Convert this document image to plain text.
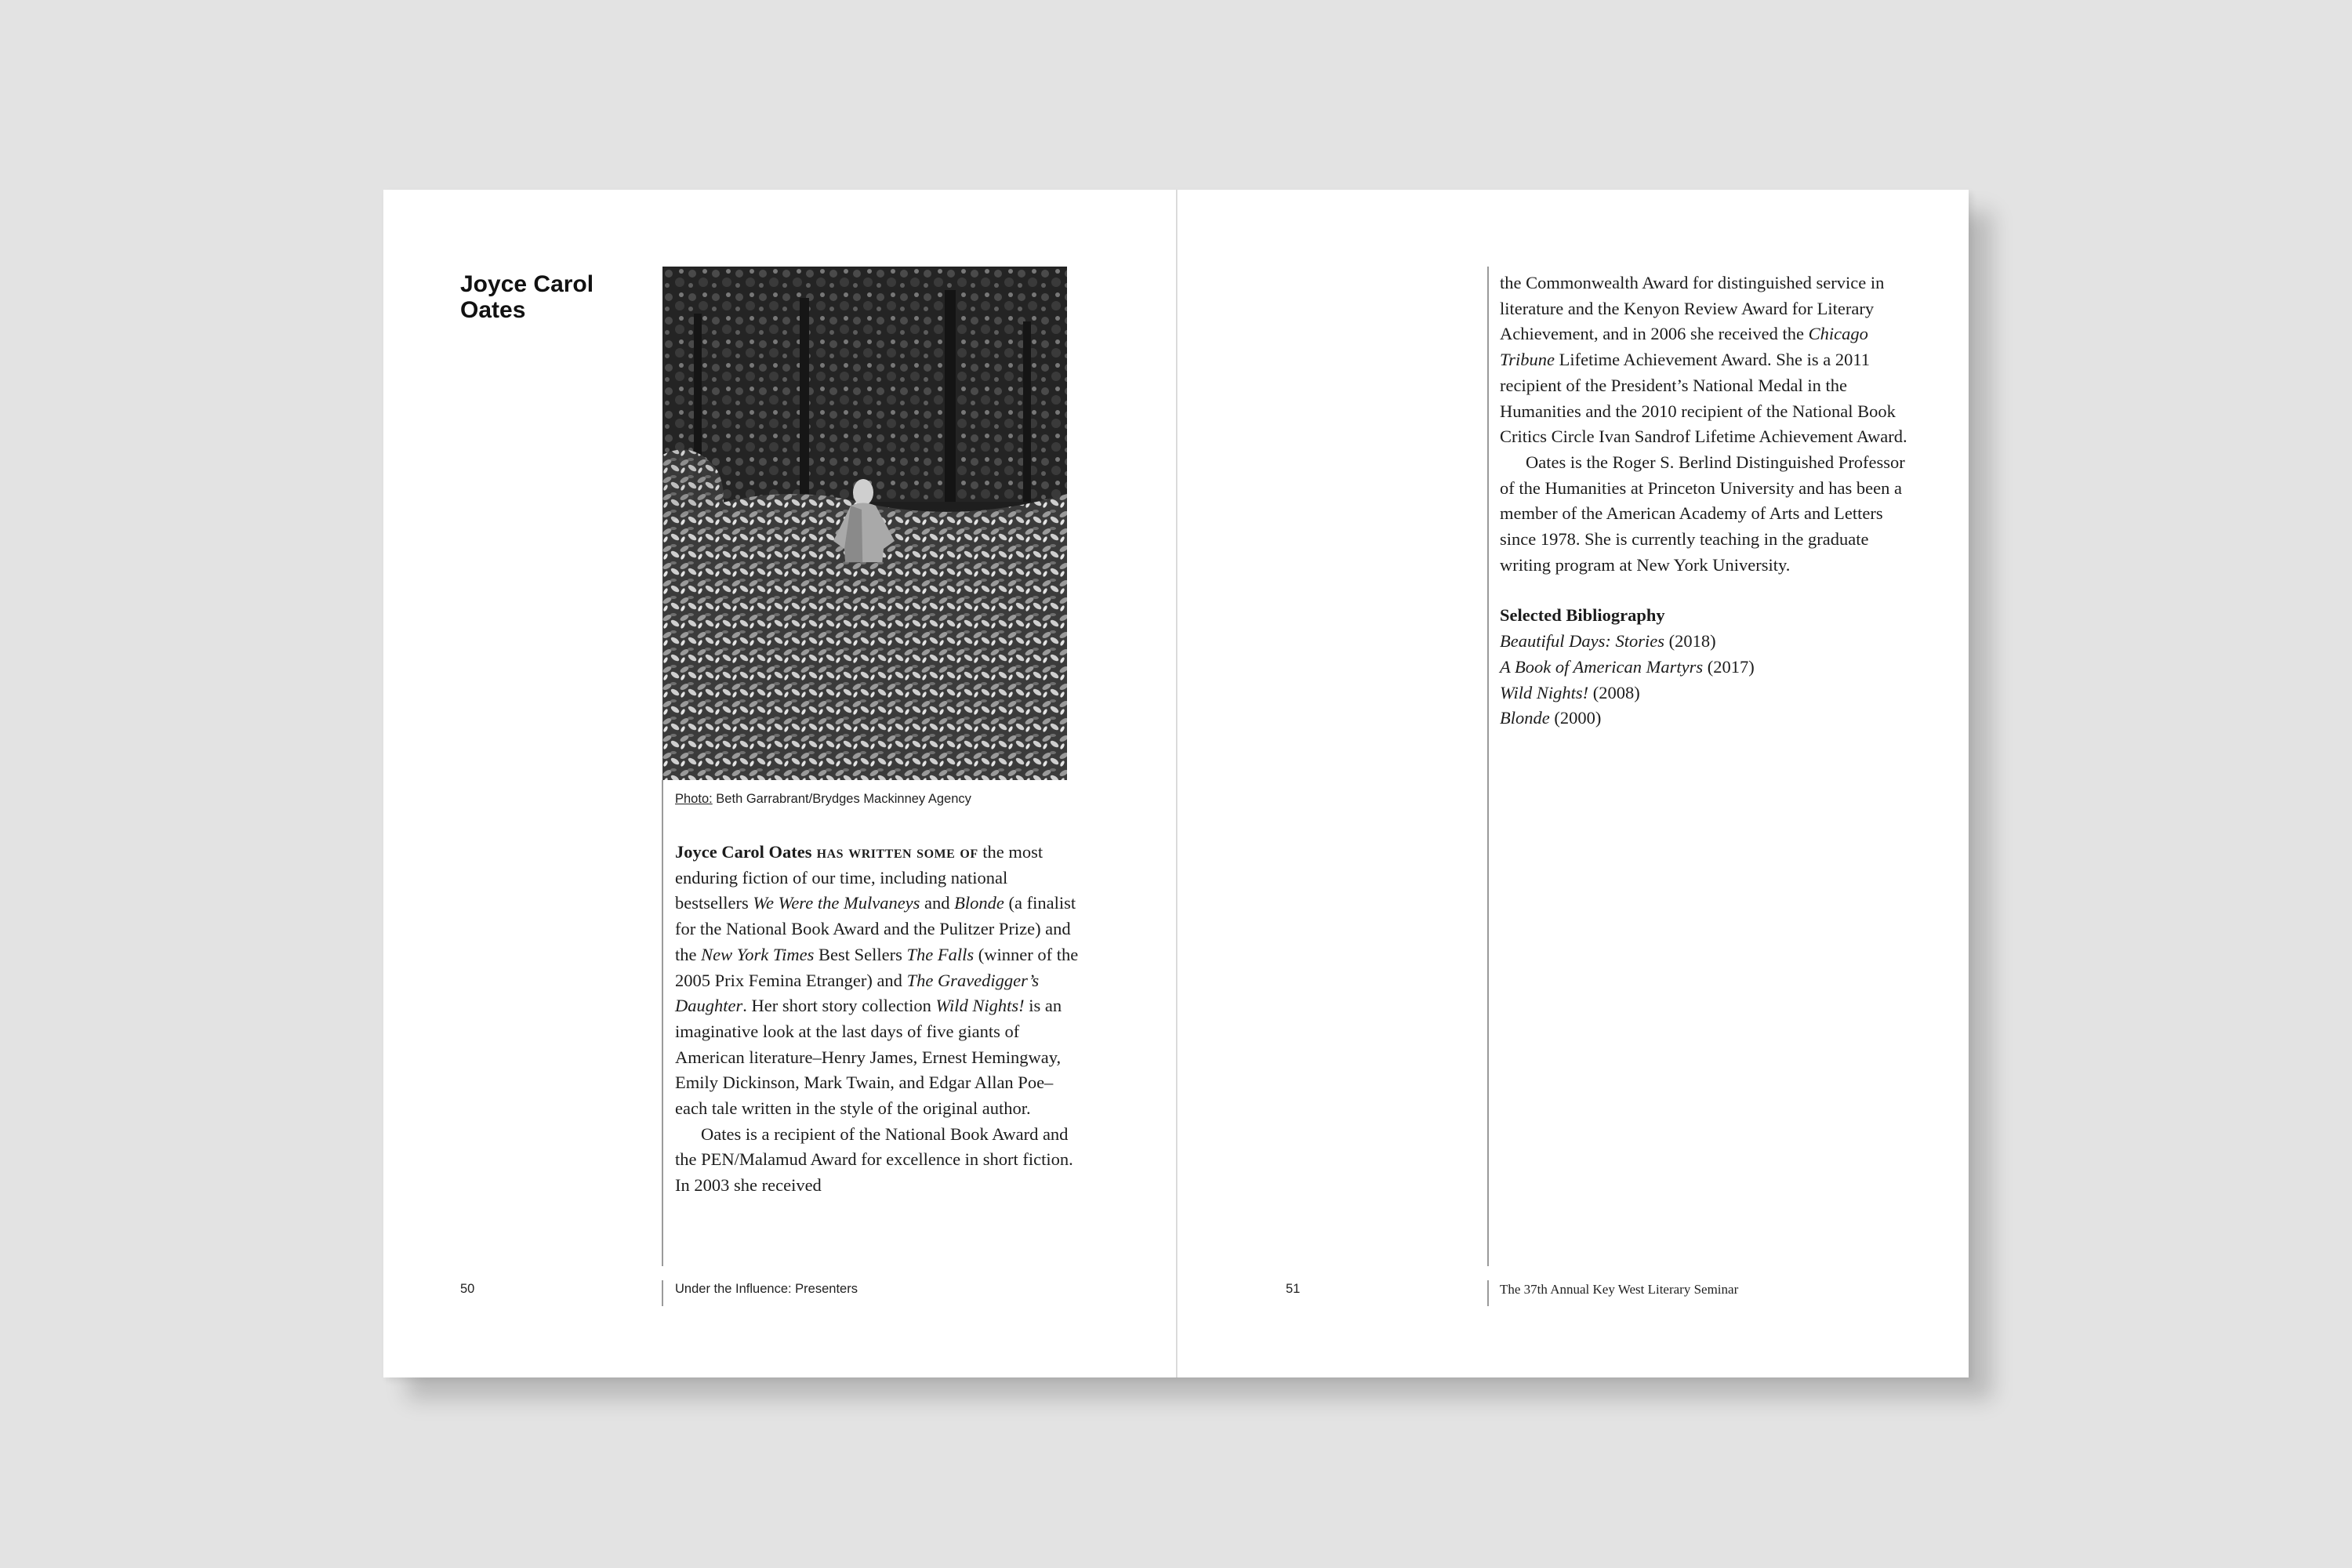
Joyce Carol Oates
Photo: Beth Garrabrant/Brydges Mackinney Agency

Joyce Carol Oates has written some of the most enduring fiction of our time, including national bestsellers We Were the Mulvaneys and Blonde (a finalist for the National Book Award and the Pulitzer Prize) and the New York Times Best Sellers The Falls (winner of the 2005 Prix Femina Etranger) and The Gravedigger’s Daughter. Her short story collection Wild Nights! is an imaginative look at the last days of five giants of American literature–Henry James, Ernest Hemingway, Emily Dickinson, Mark Twain, and Edgar Allan Poe–each tale written in the style of the original author.

Oates is a recipient of the National Book Award and the PEN/Malamud Award for excellence in short fiction. In 2003 she received

50	Under the Influence: Presenters

the Commonwealth Award for distinguished service in literature and the Kenyon Review Award for Literary Achievement, and in 2006 she received the Chicago Tribune Lifetime Achievement Award. She is a 2011 recipient of the President’s National Medal in the Humanities and the 2010 recipient of the National Book Critics Circle Ivan Sandrof Lifetime Achievement Award.

Oates is the Roger S. Berlind Distinguished Professor of the Humanities at Princeton University and has been a member of the American Academy of Arts and Letters since 1978. She is currently teaching in the graduate writing program at New York University.

Selected Bibliography
Beautiful Days: Stories (2018)
A Book of American Martyrs (2017)
Wild Nights! (2008)
Blonde (2000)
51	The 37th Annual Key West Literary Seminar
